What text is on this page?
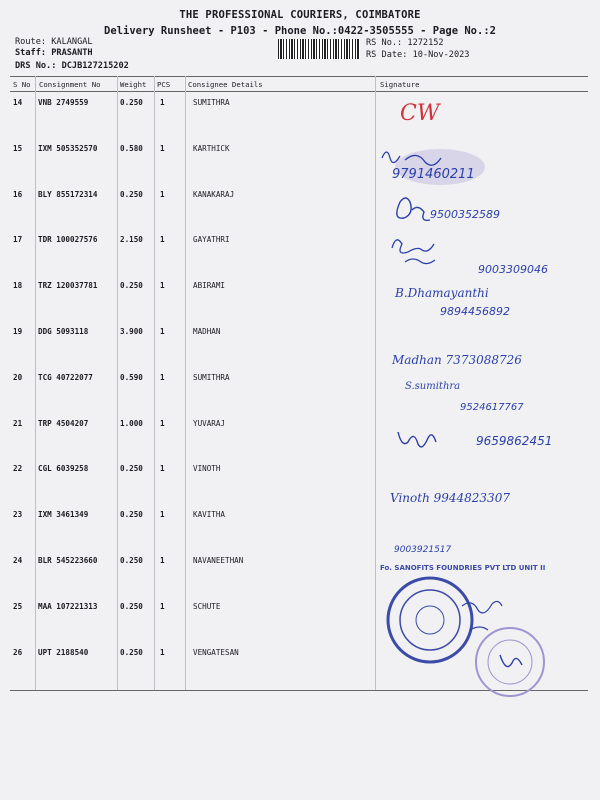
THE PROFESSIONAL COURIERS, COIMBATORE
Delivery Runsheet - P103 - Phone No.:0422-3505555 - Page No.:2
Route: KALANGAL
Staff: PRASANTH
DRS No.: DCJB127215202
RS No.: 1272152
RS Date: 10-Nov-2023
S No Consignment No	Weight PCS Consignee Details	Signature
14 VNB 2749559	0.250 1	SUMITHRA
15 IXM 505352570	0.580 1	KARTHICK
16 BLY 855172314	0.250 1	KANAKARAJ
17 TDR 100027576	2.150 1	GAYATHRI
18 TRZ 120037781	0.250 1	ABIRAMI
19 DDG 5093118	3.900 1	MADHAN
20 TCG 40722077	0.590 1	SUMITHRA
21 TRP 4504207	1.000 1	YUVARAJ
22 CGL 6039258	0.250 1	VINOTH
23 IXM 3461349	0.250 1	KAVITHA
24 BLR 545223660	0.250 1	NAVANEETHAN
25 MAA 107221313	0.250 1	SCHUTE
26 UPT 2188540	0.250 1	VENGATESAN
CW
9791460211
9500352589
9003309046
B.Dhamayanthi
9894456892
Madhan 7373088726
S.sumithra
9524617767
9659862451
Vinoth 9944823307
9003921517
Fo. SANOFITS FOUNDRIES PVT LTD UNIT II
